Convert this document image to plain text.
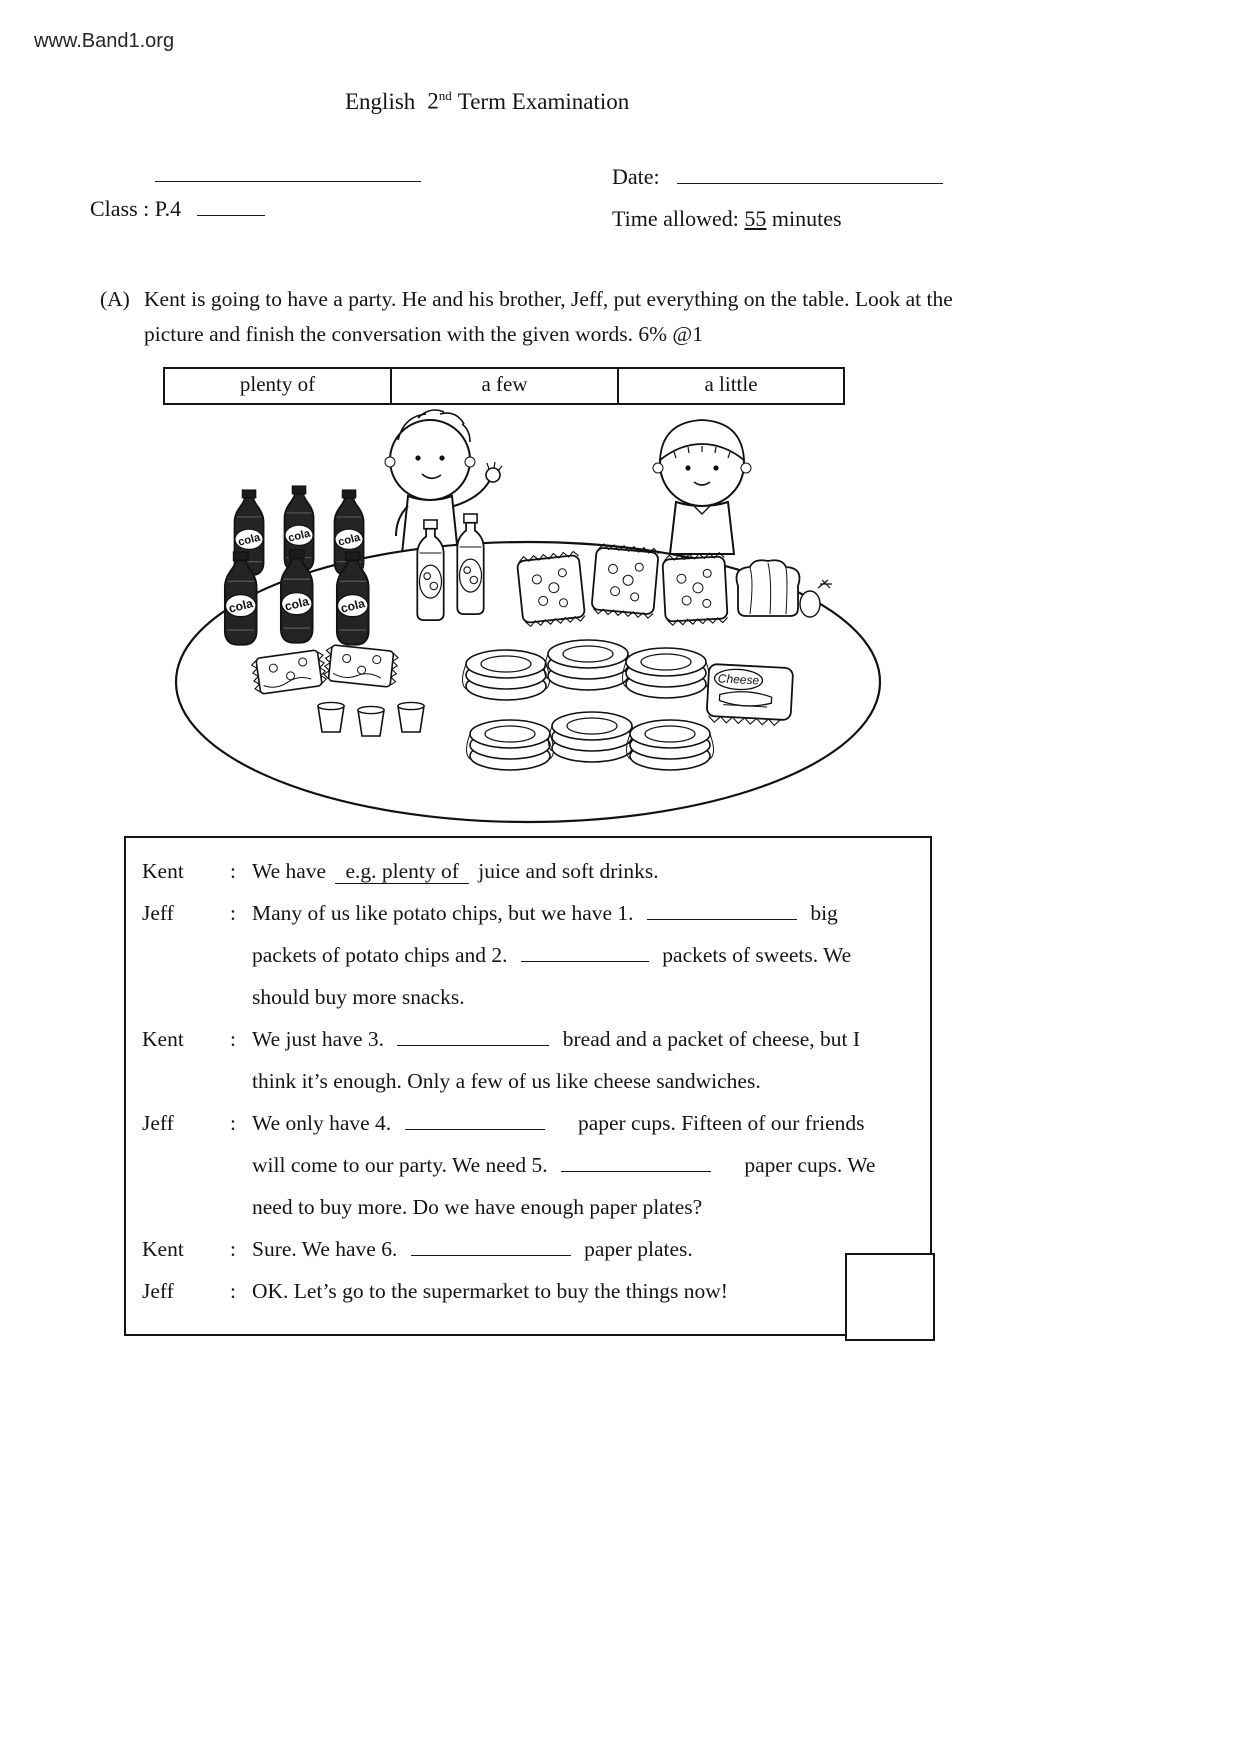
www.Band1.org
English 2nd Term Examination
Class : P.4
Date:
Time allowed: 55 minutes
(A) Kent is going to have a party. He and his brother, Jeff, put everything on the table. Look at the picture and finish the conversation with the given words. 6% @1
plenty of	a few	a little
cola
Cheese
Kent	: We have e.g. plenty of juice and soft drinks.
Jeff	: Many of us like potato chips, but we have 1.	big
packets of potato chips and 2.	packets of sweets. We
should buy more snacks.
Kent	: We just have 3.	bread and a packet of cheese, but I
think it’s enough. Only a few of us like cheese sandwiches.
Jeff	: We only have 4.	paper cups. Fifteen of our friends
will come to our party. We need 5.	paper cups. We
need to buy more. Do we have enough paper plates?
Kent	: Sure. We have 6.	paper plates.
Jeff	: OK. Let’s go to the supermarket to buy the things now!
